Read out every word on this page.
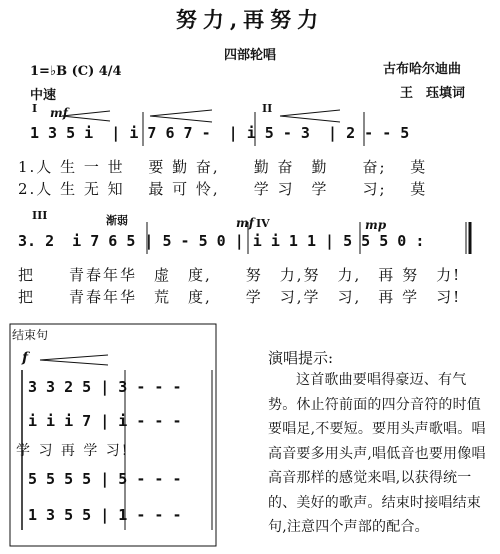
努力,再努力
四部轮唱
古布哈尔迪曲
王　珏填词
1=♭B (C) 4/4
中速
I	II
mf
1 3 5 i  | i 7 6 7 -  | i 5 - 3  | 2 - - 5
1.人 生 一 世　 要 勤 奋,　　勤 奋　勤　　奋;　 莫
2.人 生 无 知　 最 可 怜,　　学 习　学　　习;　 莫
III	渐弱	mf IV	mp
3. 2  i 7 6 5 | 5 - 5 0 | i i 1 1 | 5 5 5 0 :
把　　青春年华　虚　度,　　努　力,努　力,　再 努　力!
把　　青春年华　荒　度,　　学　习,学　习,　再 学　习!
结束句
f
3 3 2 5 | 3 - - -
i i i 7 | i - - -
学 习 再 学 习!
5 5 5 5 | 5 - - -
1 3 5 5 | 1 - - -
演唱提示:
这首歌曲要唱得豪迈、有气势。休止符前面的四分音符的时值要唱足,不要短。要用头声歌唱。唱高音要多用头声,唱低音也要用像唱高音那样的感觉来唱,以获得统一的、美好的歌声。结束时接唱结束句,注意四个声部的配合。
